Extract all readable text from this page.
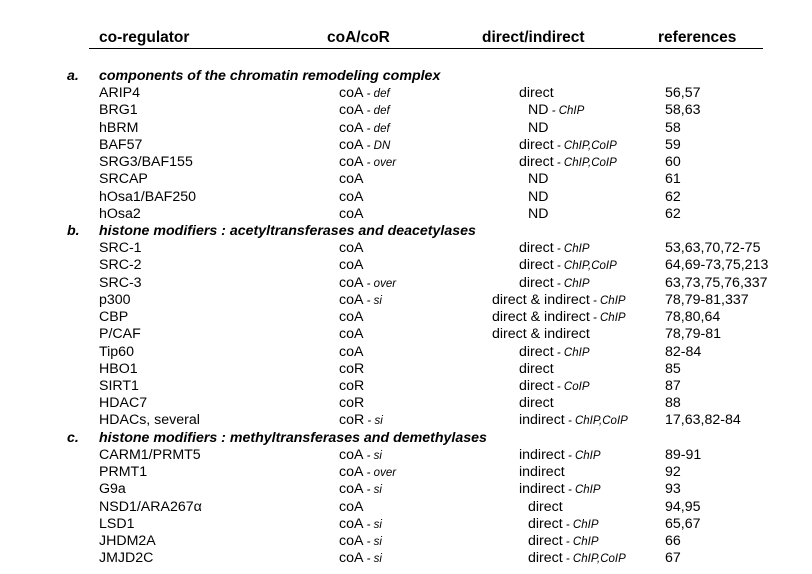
co-regulator	coA/coR	direct/indirect	references
a. components of the chromatin remodeling complex
ARIP4	coA - def	direct	56,57
BRG1	coA - def	ND - ChIP	58,63
hBRM	coA - def	ND	58
BAF57	coA - DN	direct - ChIP,CoIP	59
SRG3/BAF155	coA - over	direct - ChIP,CoIP	60
SRCAP	coA	ND	61
hOsa1/BAF250	coA	ND	62
hOsa2	coA	ND	62
b. histone modifiers : acetyltransferases and deacetylases
SRC-1	coA	direct - ChIP	53,63,70,72-75
SRC-2	coA	direct - ChIP,CoIP	64,69-73,75,213
SRC-3	coA - over	direct - ChIP	63,73,75,76,337
p300	coA - si	direct & indirect - ChIP	78,79-81,337
CBP	coA	direct & indirect - ChIP	78,80,64
P/CAF	coA	direct & indirect	78,79-81
Tip60	coA	direct - ChIP	82-84
HBO1	coR	direct	85
SIRT1	coR	direct - CoIP	87
HDAC7	coR	direct	88
HDACs, several	coR - si	indirect - ChIP,CoIP	17,63,82-84
c. histone modifiers : methyltransferases and demethylases
CARM1/PRMT5	coA - si	indirect - ChIP	89-91
PRMT1	coA - over	indirect	92
G9a	coA - si	indirect - ChIP	93
NSD1/ARA267α	coA	direct	94,95
LSD1	coA - si	direct - ChIP	65,67
JHDM2A	coA - si	direct - ChIP	66
JMJD2C	coA - si	direct - ChIP,CoIP	67
